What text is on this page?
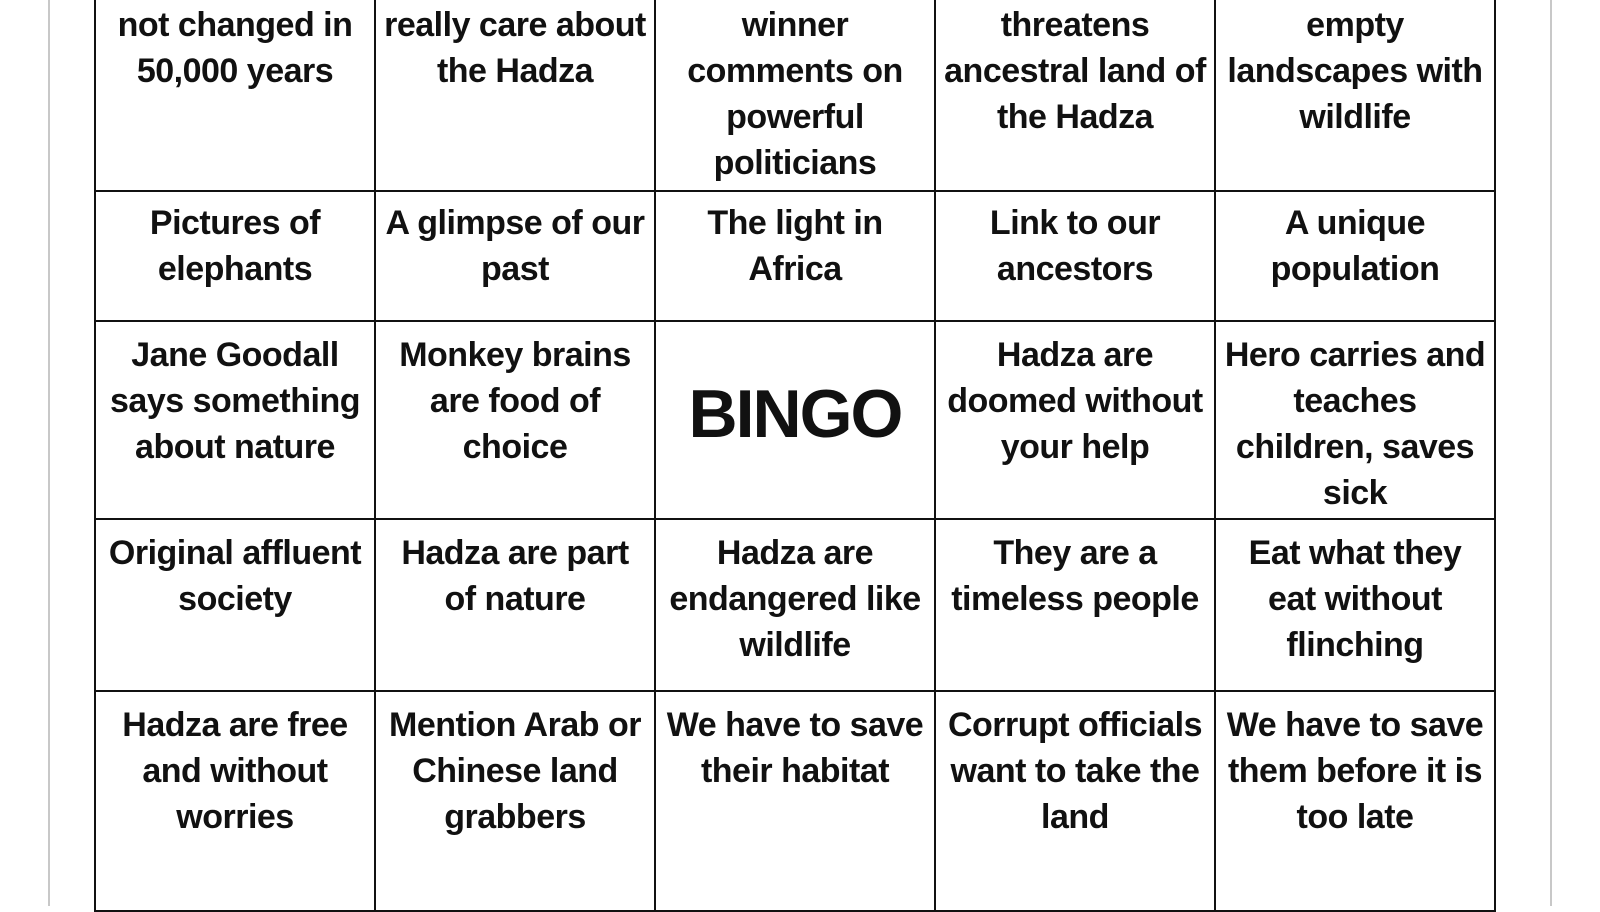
not changed in 50,000 years	really care about the Hadza	winner comments on powerful politicians	threatens ancestral land of the Hadza	empty landscapes with wildlife
Pictures of elephants	A glimpse of our past	The light in Africa	Link to our ancestors	A unique population
Jane Goodall says something about nature	Monkey brains are food of choice	BINGO	Hadza are doomed without your help	Hero carries and teaches children, saves sick
Original affluent society	Hadza are part of nature	Hadza are endangered like wildlife	They are a timeless people	Eat what they eat without flinching
Hadza are free and without worries	Mention Arab or Chinese land grabbers	We have to save their habitat	Corrupt officials want to take the land	We have to save them before it is too late
